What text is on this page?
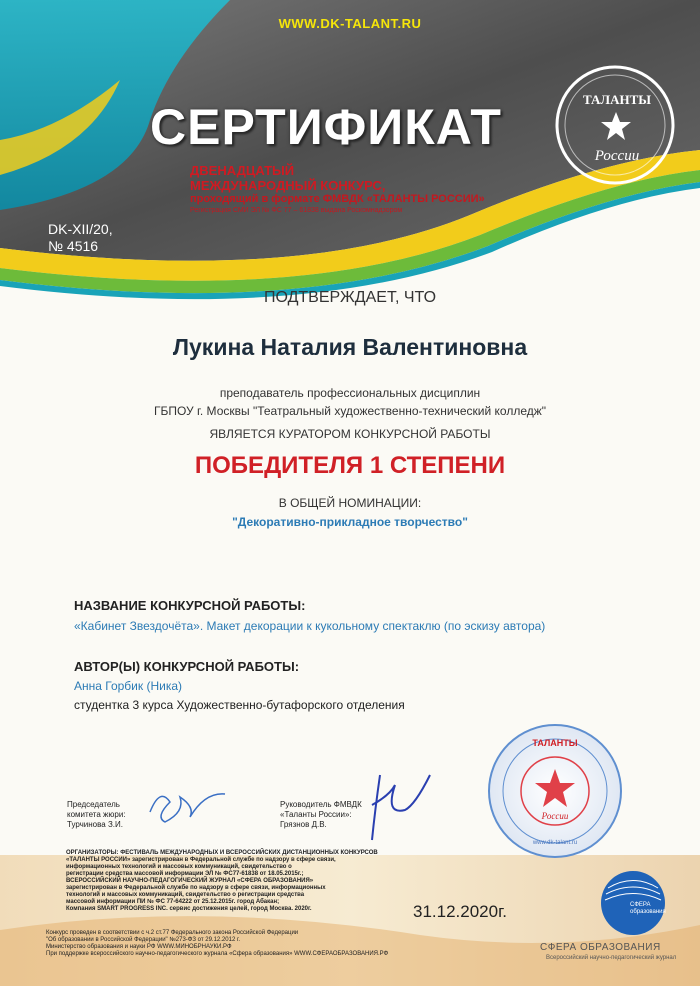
WWW.DK-TALANT.RU
СЕРТИФИКАТ	ТАЛАНТЫ
России
ДВЕНАДЦАТЫЙ
МЕЖДУНАРОДНЫЙ КОНКУРС,
проходящий в формате ФМВДК «ТАЛАНТЫ РОССИИ»
Регистрация СМИ ЭЛ № ФС 77 – 61838 выдана Роскомнадзором
DK-XII/20,
№ 4516
ПОДТВЕРЖДАЕТ, ЧТО
Лукина Наталия Валентиновна
преподаватель профессиональных дисциплин
ГБПОУ г. Москвы "Театральный художественно-технический колледж"
ЯВЛЯЕТСЯ КУРАТОРОМ КОНКУРСНОЙ РАБОТЫ
ПОБЕДИТЕЛЯ 1 СТЕПЕНИ
В ОБЩЕЙ НОМИНАЦИИ:
"Декоративно-прикладное творчество"
НАЗВАНИЕ КОНКУРСНОЙ РАБОТЫ:
«Кабинет Звездочёта». Макет декорации к кукольному спектаклю (по эскизу автора)
АВТОР(Ы) КОНКУРСНОЙ РАБОТЫ:
Анна Горбик (Ника)
студентка 3 курса Художественно-бутафорского отделения
Председатель
комитета жюри:
Турчинова З.И.
Руководитель ФМВДК
«Таланты России»:
Грязнов Д.В.
ТАЛАНТЫ
России
www.dk-talant.ru
ОРГАНИЗАТОРЫ: ФЕСТИВАЛЬ МЕЖДУНАРОДНЫХ И ВСЕРОССИЙСКИХ ДИСТАНЦИОННЫХ КОНКУРСОВ
«ТАЛАНТЫ РОССИИ» зарегистрирован в Федеральной службе по надзору в сфере связи,
информационных технологий и массовых коммуникаций, свидетельство о
регистрации средства массовой информации ЭЛ № ФС77-61838 от 18.05.2015г.;
ВСЕРОССИЙСКИЙ НАУЧНО-ПЕДАГОГИЧЕСКИЙ ЖУРНАЛ «СФЕРА ОБРАЗОВАНИЯ»
зарегистрирован в Федеральной службе по надзору в сфере связи, информационных
технологий и массовых коммуникаций, свидетельство о регистрации средства
массовой информации ПИ № ФС 77-64222 от 25.12.2015г. город Абакан;
Компания SMART PROGRESS INC. сервис достижения целей, город Москва. 2020г.	31.12.2020г.
Конкурс проведен в соответствии с ч.2 ст.77 Федерального закона Российской Федерации
"Об образовании в Российской Федерации" №273-ФЗ от 29.12.2012 г.
Министерство образования и науки РФ WWW.МИНОБРНАУКИ.РФ
При поддержке всероссийского научно-педагогического журнала «Сфера образования» WWW.СФЕРАОБРАЗОВАНИЯ.РФ
СФЕРА образования
СФЕРА ОБРАЗОВАНИЯ
Всероссийский научно-педагогический журнал
